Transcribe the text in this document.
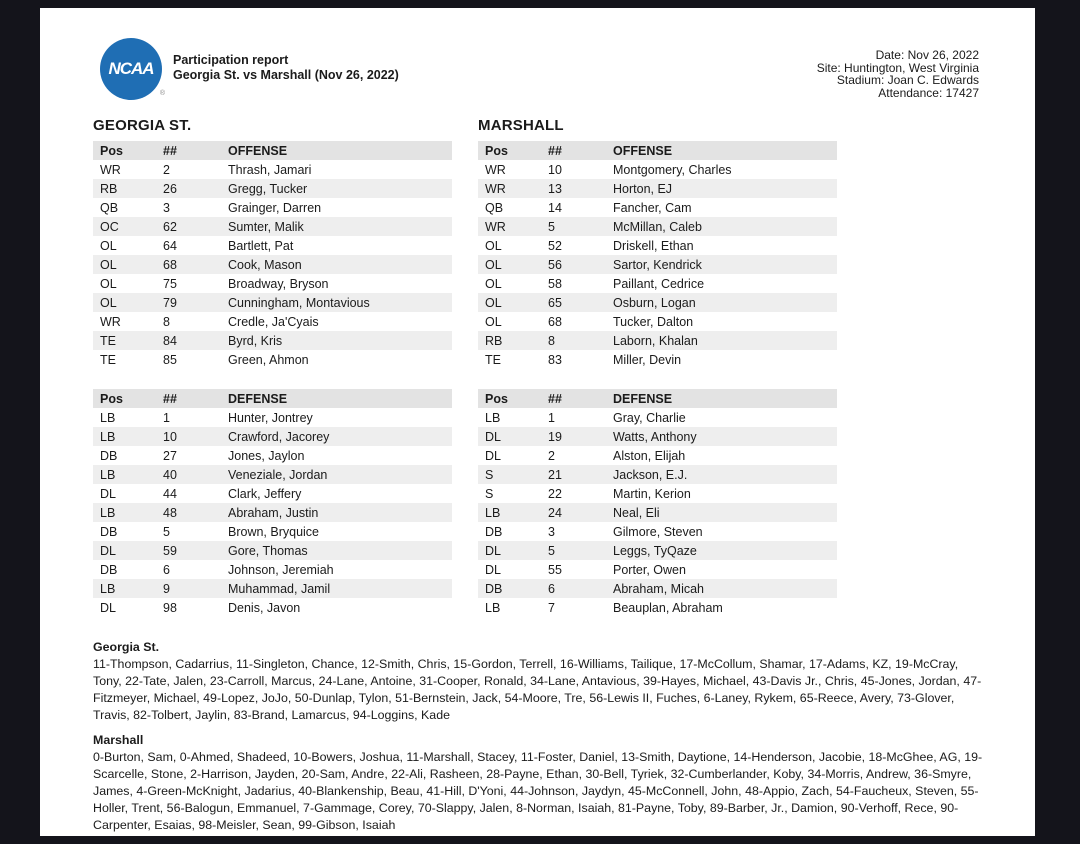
NCAA
®
Participation report
Georgia St. vs Marshall (Nov 26, 2022)
Date: Nov 26, 2022
Site: Huntington, West Virginia
Stadium: Joan C. Edwards
Attendance: 17427
GEORGIA ST.	MARSHALL
Pos	##	OFFENSE
WR	2	Thrash, Jamari
RB	26	Gregg, Tucker
QB	3	Grainger, Darren
OC	62	Sumter, Malik
OL	64	Bartlett, Pat
OL	68	Cook, Mason
OL	75	Broadway, Bryson
OL	79	Cunningham, Montavious
WR	8	Credle, Ja'Cyais
TE	84	Byrd, Kris
TE	85	Green, Ahmon
Pos	##	OFFENSE
WR	10	Montgomery, Charles
WR	13	Horton, EJ
QB	14	Fancher, Cam
WR	5	McMillan, Caleb
OL	52	Driskell, Ethan
OL	56	Sartor, Kendrick
OL	58	Paillant, Cedrice
OL	65	Osburn, Logan
OL	68	Tucker, Dalton
RB	8	Laborn, Khalan
TE	83	Miller, Devin
Pos	##	DEFENSE
LB	1	Hunter, Jontrey
LB	10	Crawford, Jacorey
DB	27	Jones, Jaylon
LB	40	Veneziale, Jordan
DL	44	Clark, Jeffery
LB	48	Abraham, Justin
DB	5	Brown, Bryquice
DL	59	Gore, Thomas
DB	6	Johnson, Jeremiah
LB	9	Muhammad, Jamil
DL	98	Denis, Javon
Pos	##	DEFENSE
LB	1	Gray, Charlie
DL	19	Watts, Anthony
DL	2	Alston, Elijah
S	21	Jackson, E.J.
S	22	Martin, Kerion
LB	24	Neal, Eli
DB	3	Gilmore, Steven
DL	5	Leggs, TyQaze
DL	55	Porter, Owen
DB	6	Abraham, Micah
LB	7	Beauplan, Abraham
Georgia St.
11-Thompson, Cadarrius, 11-Singleton, Chance, 12-Smith, Chris, 15-Gordon, Terrell, 16-Williams, Tailique, 17-McCollum, Shamar, 17-Adams, KZ, 19-McCray, Tony, 22-Tate, Jalen, 23-Carroll, Marcus, 24-Lane, Antoine, 31-Cooper, Ronald, 34-Lane, Antavious, 39-Hayes, Michael, 43-Davis Jr., Chris, 45-Jones, Jordan, 47-Fitzmeyer, Michael, 49-Lopez, JoJo, 50-Dunlap, Tylon, 51-Bernstein, Jack, 54-Moore, Tre, 56-Lewis II, Fuches, 6-Laney, Rykem, 65-Reece, Avery, 73-Glover, Travis, 82-Tolbert, Jaylin, 83-Brand, Lamarcus, 94-Loggins, Kade
Marshall
0-Burton, Sam, 0-Ahmed, Shadeed, 10-Bowers, Joshua, 11-Marshall, Stacey, 11-Foster, Daniel, 13-Smith, Daytione, 14-Henderson, Jacobie, 18-McGhee, AG, 19-Scarcelle, Stone, 2-Harrison, Jayden, 20-Sam, Andre, 22-Ali, Rasheen, 28-Payne, Ethan, 30-Bell, Tyriek, 32-Cumberlander, Koby, 34-Morris, Andrew, 36-Smyre, James, 4-Green-McKnight, Jadarius, 40-Blankenship, Beau, 41-Hill, D'Yoni, 44-Johnson, Jaydyn, 45-McConnell, John, 48-Appio, Zach, 54-Faucheux, Steven, 55-Holler, Trent, 56-Balogun, Emmanuel, 7-Gammage, Corey, 70-Slappy, Jalen, 8-Norman, Isaiah, 81-Payne, Toby, 89-Barber, Jr., Damion, 90-Verhoff, Rece, 90-Carpenter, Esaias, 98-Meisler, Sean, 99-Gibson, Isaiah
